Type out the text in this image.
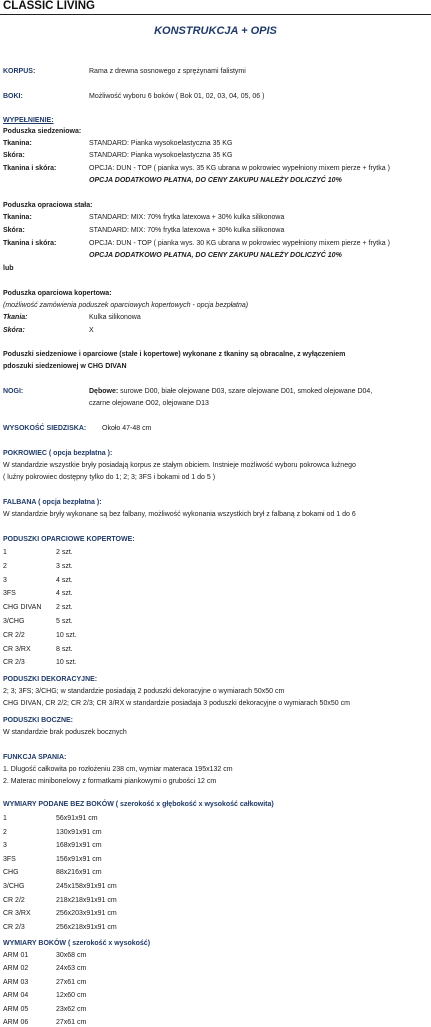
CLASSIC LIVING
KONSTRUKCJA + OPIS
KORPUS:	Rama z drewna sosnowego z sprężynami falistymi
BOKI:	Możliwość wyboru 6 boków ( Bok 01, 02, 03, 04, 05, 06 )
WYPEŁNIENIE:
Poduszka siedzeniowa:
Tkanina:	STANDARD: Pianka wysokoelastyczna 35 KG
Skóra:	STANDARD: Pianka wysokoelastyczna 35 KG
Tkanina i skóra:	OPCJA: DUN - TOP ( pianka wys. 35 KG ubrana w pokrowiec wypełniony mixem pierze + frytka )
OPCJA DODATKOWO PŁATNA, DO CENY ZAKUPU NALEŻY DOLICZYĆ 10%
Poduszka opraciowa stała:
Tkanina:	STANDARD: MIX: 70% frytka latexowa + 30% kulka silikonowa
Skóra:	STANDARD: MIX: 70% frytka latexowa + 30% kulka silikonowa
Tkanina i skóra:	OPCJA: DUN - TOP ( pianka wys. 30 KG ubrana w pokrowiec wypełniony mixem pierze + frytka )
OPCJA DODATKOWO PŁATNA, DO CENY ZAKUPU NALEŻY DOLICZYĆ 10%
lub
Poduszka oparciowa kopertowa:
(możliwość zamówienia poduszek oparciowych kopertowych - opcja bezpłatna)
Tkania:	Kulka silikonowa
Skóra:	X
Poduszki siedzeniowe i oparciowe (stałe i kopertowe) wykonane z tkaniny są obracalne, z wyłączeniem
pdoszuki siedzeniowej w CHG DIVAN
NOGI:	Dębowe: surowe D00, białe olejowane D03, szare olejowane D01, smoked olejowane D04,
czarne olejowane O02, olejowane D13
WYSOKOŚĆ SIEDZISKA: Około 47-48 cm
POKROWIEC ( opcja bezpłatna ):
W standardzie wszystkie bryły posiadają korpus ze stałym obiciem. Instnieje możliwość wyboru pokrowca luźnego
( luźny pokrowiec dostępny tylko do 1; 2; 3; 3FS i bokami od 1 do 5 )
FALBANA ( opcja bezpłatna ):
W standardzie bryły wykonane są bez falbany, możliwość wykonania wszystkich brył z falbaną z bokami od 1 do 6
PODUSZKI OPARCIOWE KOPERTOWE:
1	2 szt.
2	3 szt.
3	4 szt.
3FS	4 szt.
CHG DIVAN 2 szt.
3/CHG	5 szt.
CR 2/2	10 szt.
CR 3/RX	8 szt.
CR 2/3	10 szt.
PODUSZKI DEKORACYJNE:
2; 3; 3FS; 3/CHG; w standardzie posiadają 2 poduszki dekoracyjne o wymiarach 50x50 cm
CHG DIVAN, CR 2/2; CR 2/3; CR 3/RX w standardzie posiadaja 3 poduszki dekoracyjne o wymiarach 50x50 cm
PODUSZKI BOCZNE:
W standardzie brak poduszek bocznych
FUNKCJA SPANIA:
1. Dlugość całkowita po rozłożeniu 238 cm, wymiar materaca 195x132 cm
2. Materac minibonelowy z formatkami piankowymi o grubości 12 cm
WYMIARY PODANE BEZ BOKÓW ( szerokość x głębokość x wysokość całkowita)
1	56x91x91 cm
2	130x91x91 cm
3	168x91x91 cm
3FS	156x91x91 cm
CHG	88x216x91 cm
3/CHG	245x158x91x91 cm
CR 2/2	218x218x91x91 cm
CR 3/RX	256x203x91x91 cm
CR 2/3	256x218x91x91 cm
WYMIARY BOKÓW ( szerokość x wysokość)
ARM 01	30x68 cm
ARM 02	24x63 cm
ARM 03	27x61 cm
ARM 04	12x60 cm
ARM 05	23x62 cm
ARM 06	27x61 cm
